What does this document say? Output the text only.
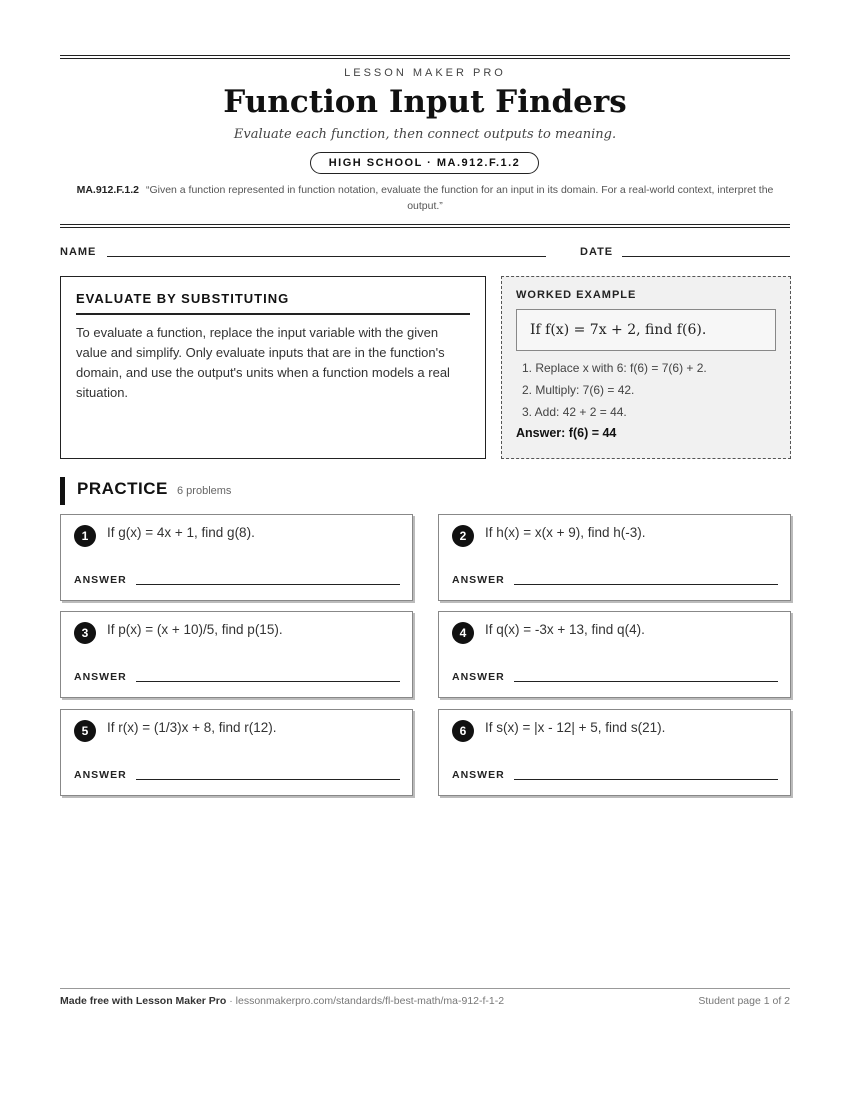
LESSON MAKER PRO
Function Input Finders
Evaluate each function, then connect outputs to meaning.
HIGH SCHOOL · MA.912.F.1.2
MA.912.F.1.2 “Given a function represented in function notation, evaluate the function for an input in its domain. For a real-world context, interpret the output.”
NAME	DATE
EVALUATE BY SUBSTITUTING

To evaluate a function, replace the input variable with the given value and simplify. Only evaluate inputs that are in the function's domain, and use the output's units when a function models a real situation.

WORKED EXAMPLE
If f(x) = 7x + 2, find f(6).
1. Replace x with 6: f(6) = 7(6) + 2.
2. Multiply: 7(6) = 42.
3. Add: 42 + 2 = 44.
Answer: f(6) = 44
PRACTICE 6 problems
1	If g(x) = 4x + 1, find g(8).
ANSWER
2	If h(x) = x(x + 9), find h(-3).
ANSWER
3	If p(x) = (x + 10)/5, find p(15).
ANSWER
4	If q(x) = -3x + 13, find q(4).
ANSWER
5	If r(x) = (1/3)x + 8, find r(12).
ANSWER
6	If s(x) = |x - 12| + 5, find s(21).
ANSWER
Made free with Lesson Maker Pro · lessonmakerpro.com/standards/fl-best-math/ma-912-f-1-2	Student page 1 of 2
